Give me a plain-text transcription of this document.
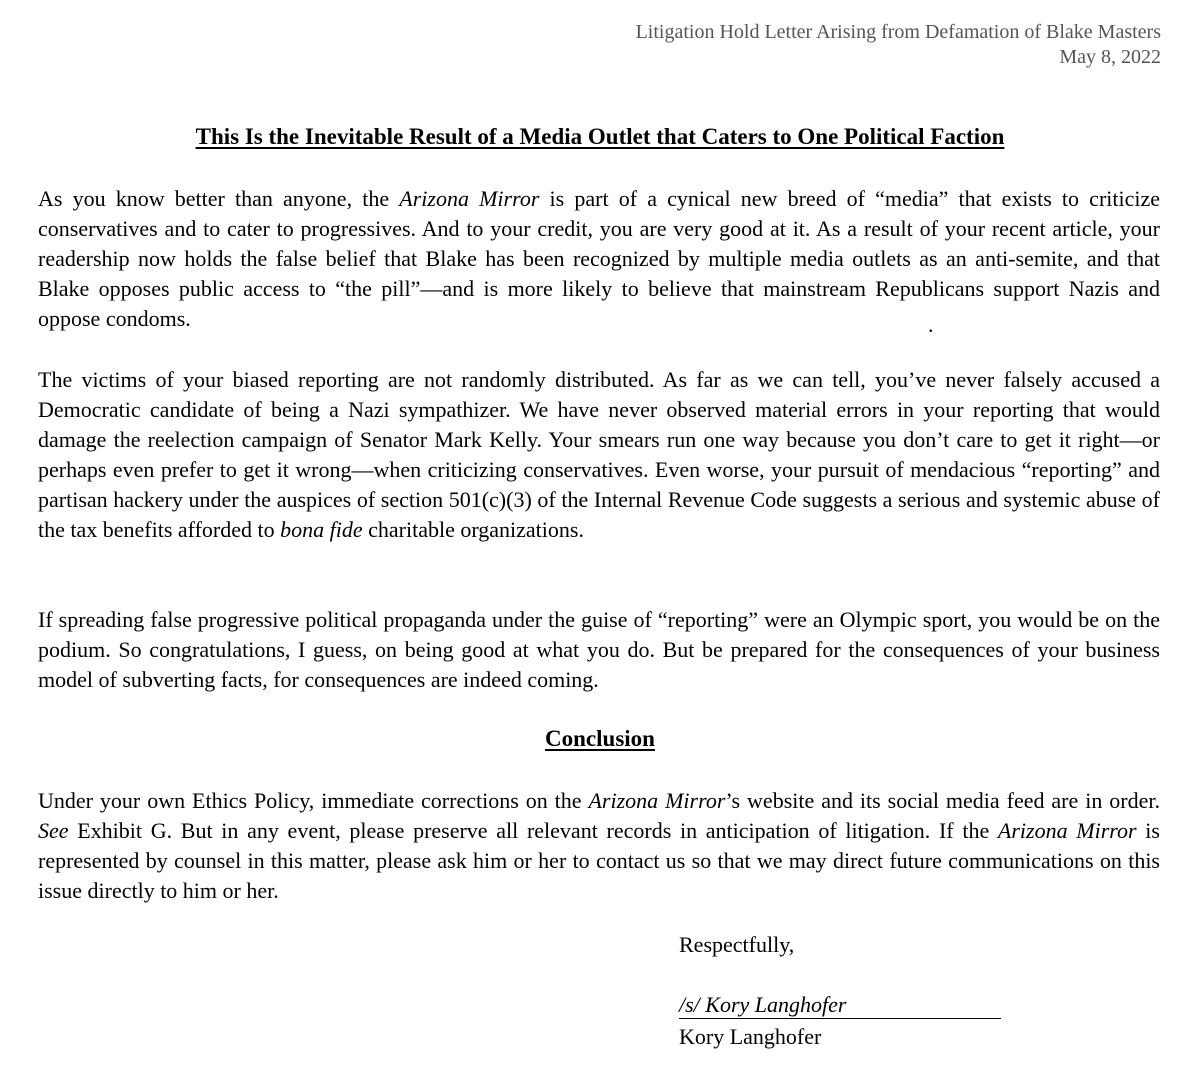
Litigation Hold Letter Arising from Defamation of Blake Masters
May 8, 2022
This Is the Inevitable Result of a Media Outlet that Caters to One Political Faction

As you know better than anyone, the Arizona Mirror is part of a cynical new breed of “media” that exists to criticize conservatives and to cater to progressives. And to your credit, you are very good at it. As a result of your recent article, your readership now holds the false belief that Blake has been recognized by multiple media outlets as an anti-semite, and that Blake opposes public access to “the pill”—and is more likely to believe that mainstream Republicans support Nazis and oppose condoms.	.

The victims of your biased reporting are not randomly distributed. As far as we can tell, you’ve never falsely accused a Democratic candidate of being a Nazi sympathizer. We have never observed material errors in your reporting that would damage the reelection campaign of Senator Mark Kelly. Your smears run one way because you don’t care to get it right—or perhaps even prefer to get it wrong—when criticizing conservatives. Even worse, your pursuit of mendacious “reporting” and partisan hackery under the auspices of section 501(c)(3) of the Internal Revenue Code suggests a serious and systemic abuse of the tax benefits afforded to bona fide charitable organizations.

If spreading false progressive political propaganda under the guise of “reporting” were an Olympic sport, you would be on the podium. So congratulations, I guess, on being good at what you do. But be prepared for the consequences of your business model of subverting facts, for consequences are indeed coming.

Conclusion

Under your own Ethics Policy, immediate corrections on the Arizona Mirror’s website and its social media feed are in order. See Exhibit G. But in any event, please preserve all relevant records in anticipation of litigation. If the Arizona Mirror is represented by counsel in this matter, please ask him or her to contact us so that we may direct future communications on this issue directly to him or her.

Respectfully,
/s/ Kory Langhofer
Kory Langhofer
